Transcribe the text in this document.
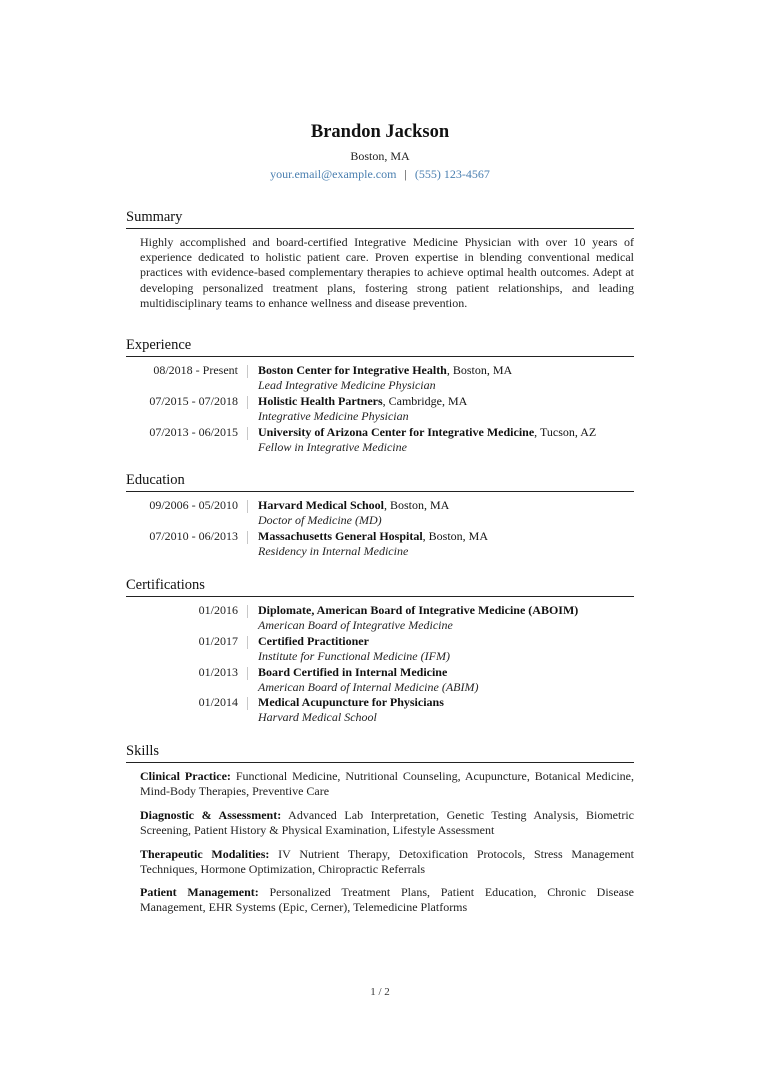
Brandon Jackson
Boston, MA
your.email@example.com | (555) 123-4567
Summary
Highly accomplished and board-certified Integrative Medicine Physician with over 10 years of experience dedicated to holistic patient care. Proven expertise in blending conventional medical practices with evidence-based complementary therapies to achieve optimal health outcomes. Adept at developing personalized treatment plans, fostering strong patient relationships, and leading multidisciplinary teams to enhance wellness and disease prevention.
Experience
08/2018 - Present Boston Center for Integrative Health, Boston, MA
Lead Integrative Medicine Physician
07/2015 - 07/2018 Holistic Health Partners, Cambridge, MA
Integrative Medicine Physician
07/2013 - 06/2015 University of Arizona Center for Integrative Medicine, Tucson, AZ
Fellow in Integrative Medicine
Education
09/2006 - 05/2010 Harvard Medical School, Boston, MA
Doctor of Medicine (MD)
07/2010 - 06/2013 Massachusetts General Hospital, Boston, MA
Residency in Internal Medicine
Certifications
01/2016 Diplomate, American Board of Integrative Medicine (ABOIM)
American Board of Integrative Medicine
01/2017 Certified Practitioner
Institute for Functional Medicine (IFM)
01/2013 Board Certified in Internal Medicine
American Board of Internal Medicine (ABIM)
01/2014 Medical Acupuncture for Physicians
Harvard Medical School
Skills
Clinical Practice: Functional Medicine, Nutritional Counseling, Acupuncture, Botanical Medicine, Mind-Body Therapies, Preventive Care
Diagnostic & Assessment: Advanced Lab Interpretation, Genetic Testing Analysis, Biometric Screening, Patient History & Physical Examination, Lifestyle Assessment
Therapeutic Modalities: IV Nutrient Therapy, Detoxification Protocols, Stress Management Techniques, Hormone Optimization, Chiropractic Referrals
Patient Management: Personalized Treatment Plans, Patient Education, Chronic Disease Management, EHR Systems (Epic, Cerner), Telemedicine Platforms
1 / 2
